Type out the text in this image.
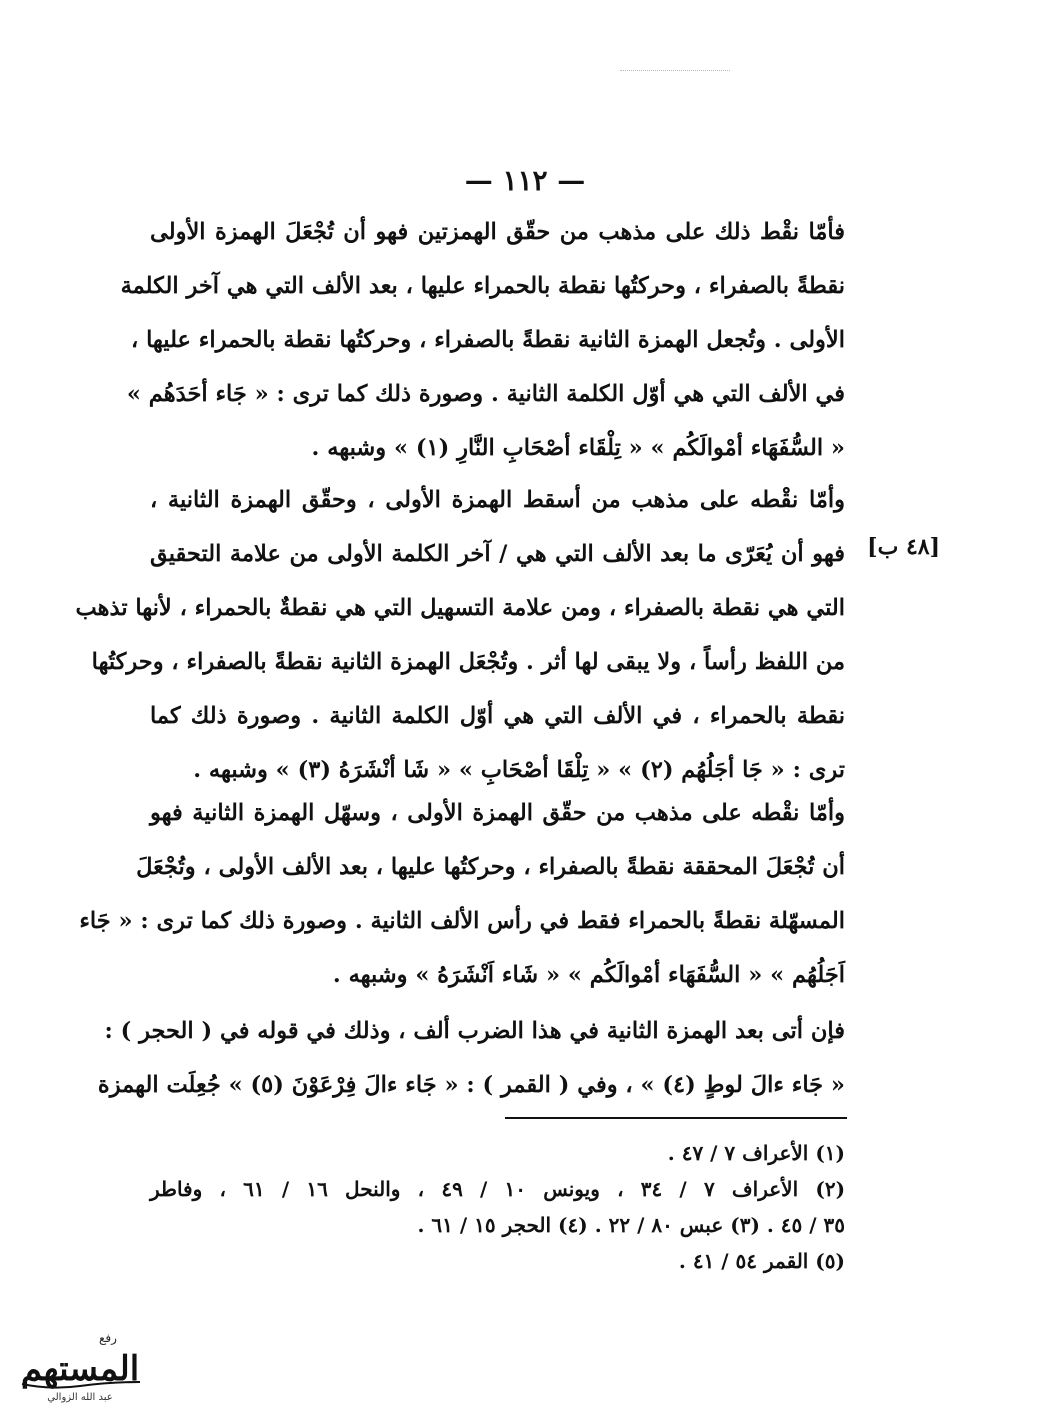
— ١١٢ —
[٤٨ ب]
فأمّا نقْط ذلك على مذهب من حقّق الهمزتين فهو أن تُجْعَلَ الهمزة الأولى
نقطةً بالصفراء ، وحركتُها نقطة بالحمراء عليها ، بعد الألف التي هي آخر الكلمة
الأولى . وتُجعل الهمزة الثانية نقطةً بالصفراء ، وحركتُها نقطة بالحمراء عليها ،
في الألف التي هي أوّل الكلمة الثانية . وصورة ذلك كما ترى : « جَاء أحَدَهُم »
« السُّفَهَاء أمْوالَكُم » « تِلْقَاء أصْحَابِ النَّارِ (١) » وشبهه .
وأمّا نقْطه على مذهب من أسقط الهمزة الأولى ، وحقّق الهمزة الثانية ،
فهو أن يُعَرّى ما بعد الألف التي هي / آخر الكلمة الأولى من علامة التحقيق
التي هي نقطة بالصفراء ، ومن علامة التسهيل التي هي نقطةٌ بالحمراء ، لأنها تذهب
من اللفظ رأساً ، ولا يبقى لها أثر . وتُجْعَل الهمزة الثانية نقطةً بالصفراء ، وحركتُها
نقطة بالحمراء ، في الألف التي هي أوّل الكلمة الثانية . وصورة ذلك كما
ترى : « جَا أجَلُهُم (٢) » « تِلْقَا أصْحَابِ » « شَا أنْشَرَهُ (٣) » وشبهه .
وأمّا نقْطه على مذهب من حقّق الهمزة الأولى ، وسهّل الهمزة الثانية فهو
أن تُجْعَلَ المحققة نقطةً بالصفراء ، وحركتُها عليها ، بعد الألف الأولى ، وتُجْعَلَ
المسهّلة نقطةً بالحمراء فقط في رأس الألف الثانية . وصورة ذلك كما ترى : « جَاء
اَجَلُهُم » « السُّفَهَاء أمْوالَكُم » « شَاء اَنْشَرَهُ » وشبهه .
فإن أتى بعد الهمزة الثانية في هذا الضرب ألف ، وذلك في قوله في ( الحجر ) :
« جَاء ءالَ لوطٍ (٤) » ، وفي ( القمر ) : « جَاء ءالَ فِرْعَوْنَ (٥) » جُعِلَت الهمزة
(١) الأعراف ٧ / ٤٧ .
(٢) الأعراف ٧ / ٣٤ ، ويونس ١٠ / ٤٩ ، والنحل ١٦ / ٦١ ، وفاطر
٣٥ / ٤٥ . (٣) عبس ٨٠ / ٢٢ . (٤) الحجر ١٥ / ٦١ .
(٥) القمر ٥٤ / ٤١ .
رفع
المستهم
عبد الله الزوالي
